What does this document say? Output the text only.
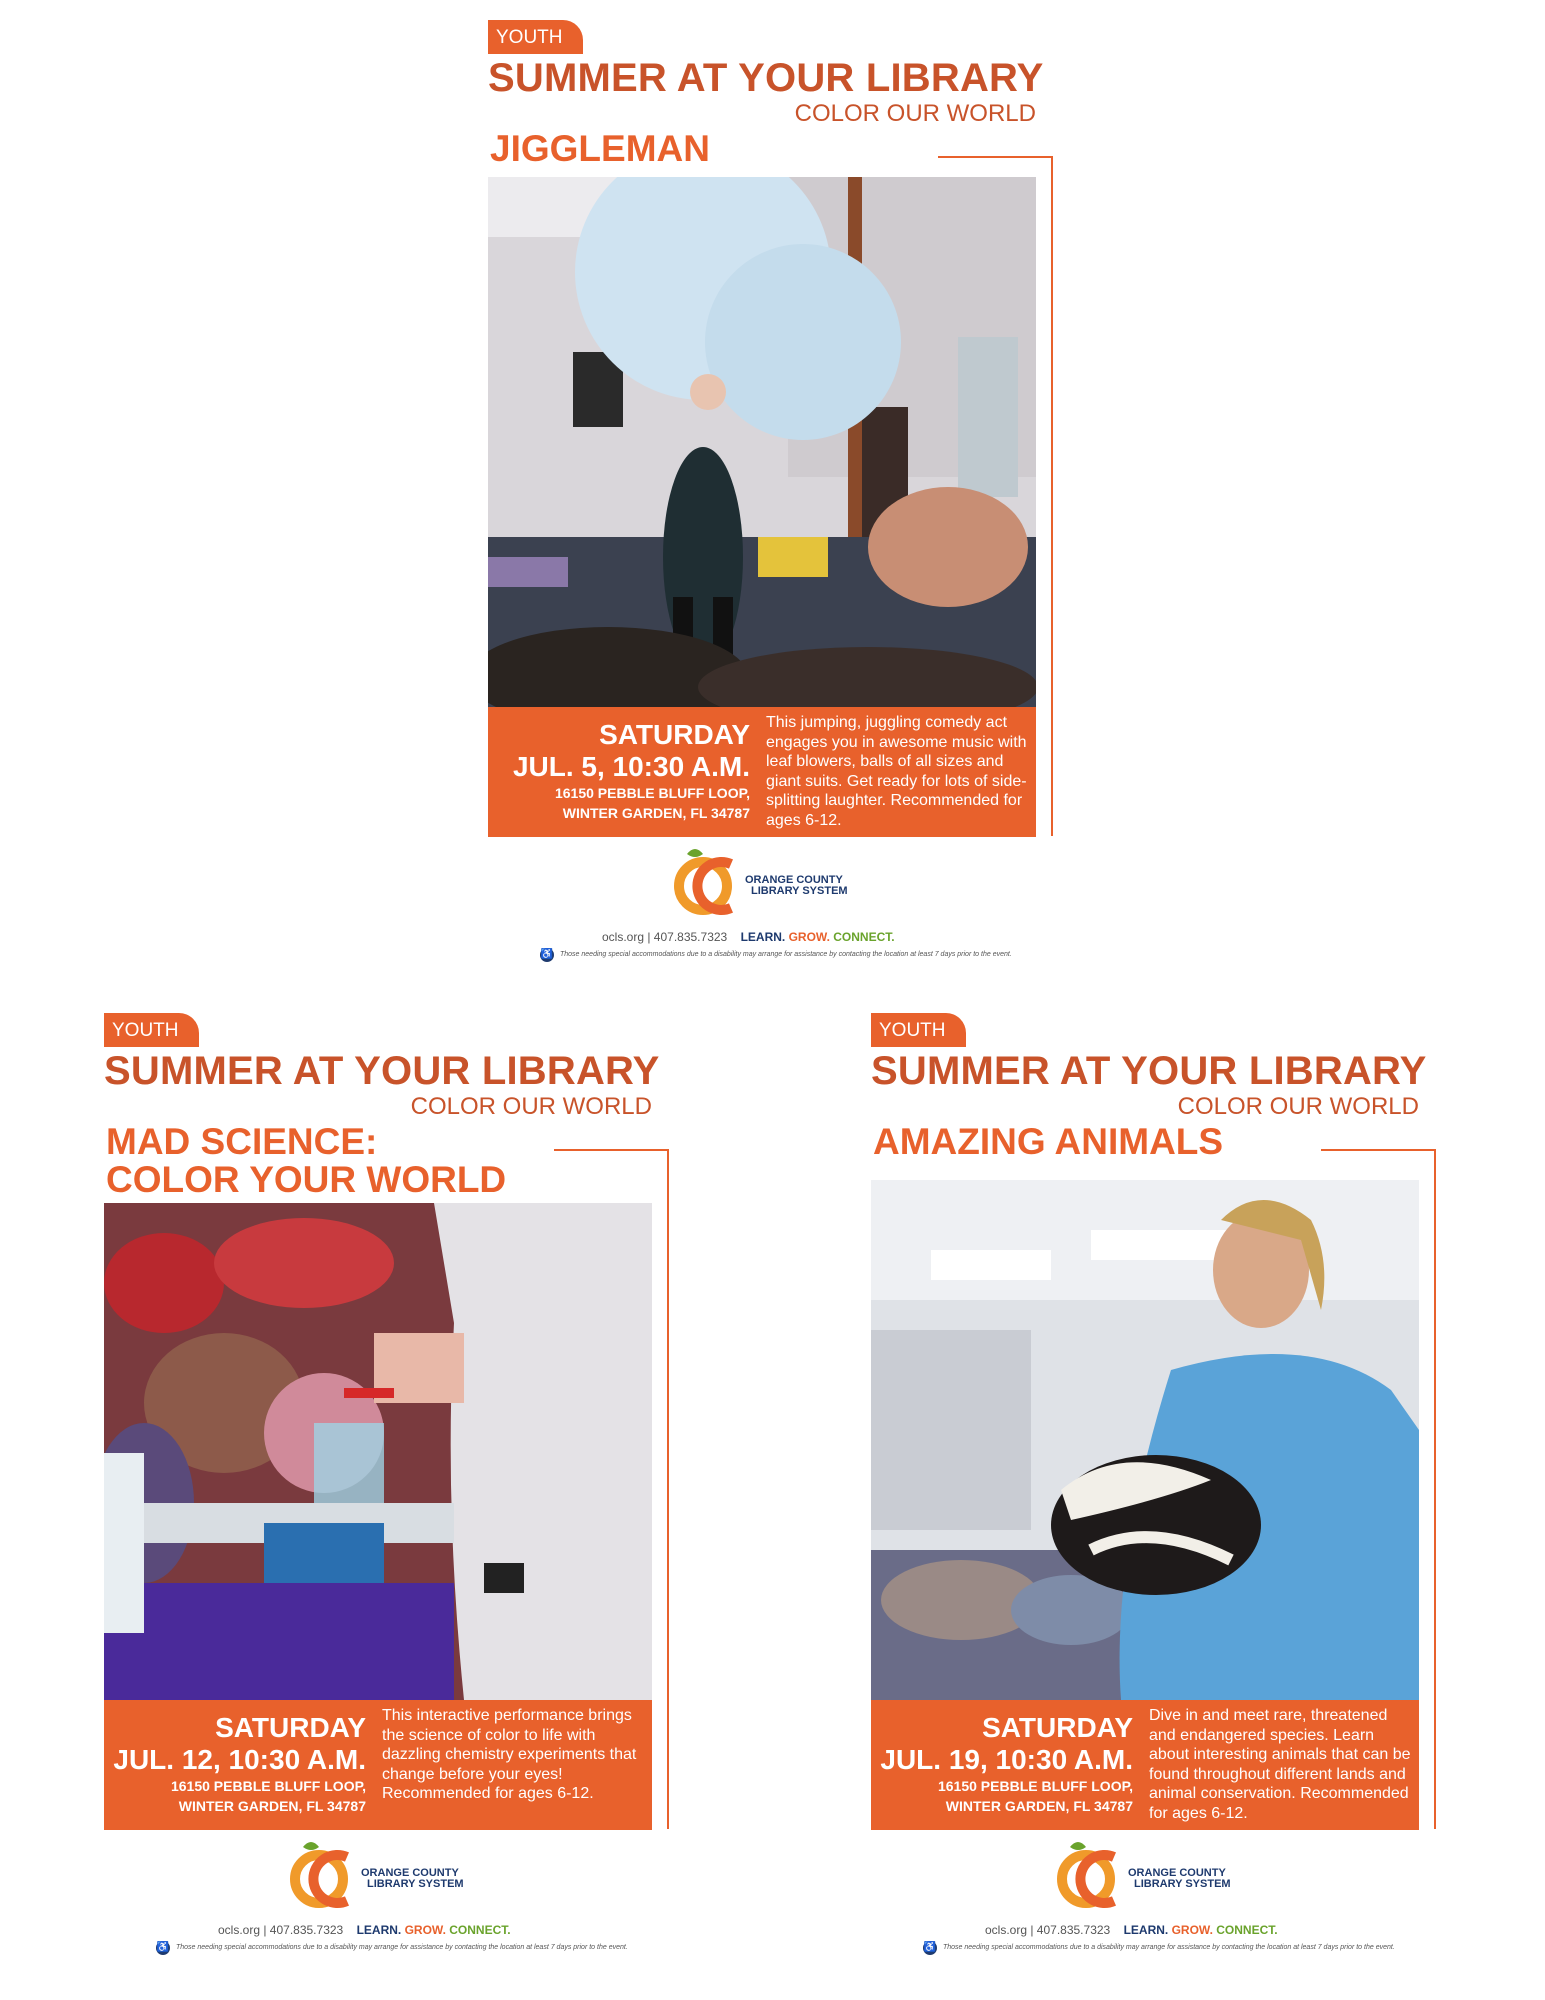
YOUTH
SUMMER AT YOUR LIBRARY
COLOR OUR WORLD
JIGGLEMAN
SATURDAY
JUL. 5, 10:30 A.M.
16150 PEBBLE BLUFF LOOP,
WINTER GARDEN, FL 34787
This jumping, juggling comedy act engages you in awesome music with leaf blowers, balls of all sizes and giant suits. Get ready for lots of side-splitting laughter. Recommended for ages 6-12.
ORANGE COUNTY
LIBRARY SYSTEM
ocls.org | 407.835.7323 LEARN. GROW. CONNECT.
♿ Those needing special accommodations due to a disability may arrange for assistance by contacting the location at least 7 days prior to the event.
YOUTH
SUMMER AT YOUR LIBRARY
COLOR OUR WORLD
MAD SCIENCE:
COLOR YOUR WORLD
SATURDAY
JUL. 12, 10:30 A.M.
16150 PEBBLE BLUFF LOOP,
WINTER GARDEN, FL 34787
This interactive performance brings the science of color to life with dazzling chemistry experiments that change before your eyes! Recommended for ages 6-12.
ORANGE COUNTY
LIBRARY SYSTEM
ocls.org | 407.835.7323 LEARN. GROW. CONNECT.
♿ Those needing special accommodations due to a disability may arrange for assistance by contacting the location at least 7 days prior to the event.
YOUTH
SUMMER AT YOUR LIBRARY
COLOR OUR WORLD
AMAZING ANIMALS
SATURDAY
JUL. 19, 10:30 A.M.
16150 PEBBLE BLUFF LOOP,
WINTER GARDEN, FL 34787
Dive in and meet rare, threatened and endangered species. Learn about interesting animals that can be found throughout different lands and animal conservation. Recommended for ages 6-12.
ORANGE COUNTY
LIBRARY SYSTEM
ocls.org | 407.835.7323 LEARN. GROW. CONNECT.
♿ Those needing special accommodations due to a disability may arrange for assistance by contacting the location at least 7 days prior to the event.
